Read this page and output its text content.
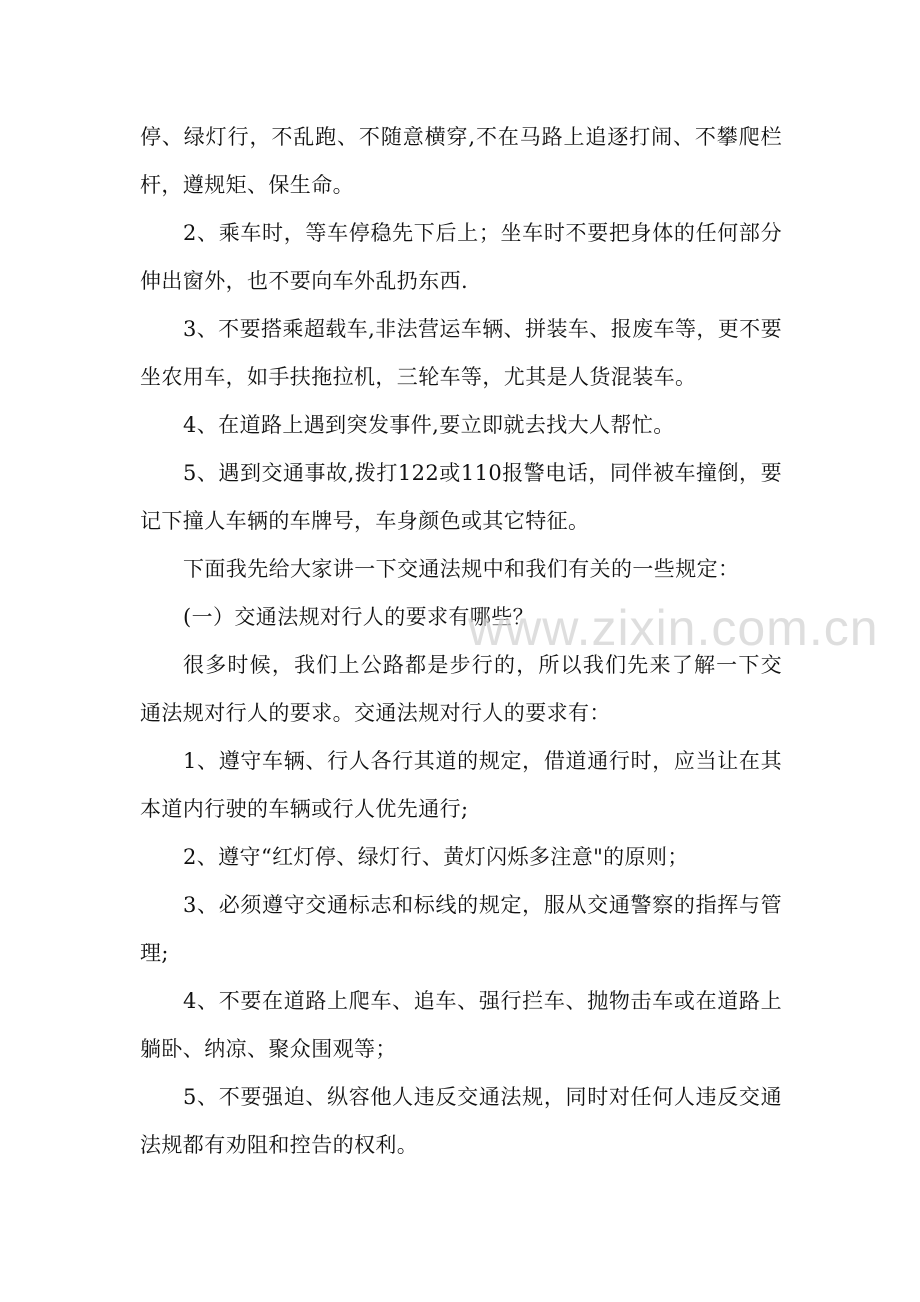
停、绿灯行，不乱跑、不随意横穿,不在马路上追逐打闹、不攀爬栏杆，遵规矩、保生命。

2、乘车时，等车停稳先下后上；坐车时不要把身体的任何部分伸出窗外，也不要向车外乱扔东西.

3、不要搭乘超载车,非法营运车辆、拼装车、报废车等，更不要坐农用车，如手扶拖拉机，三轮车等，尤其是人货混装车。

4、在道路上遇到突发事件,要立即就去找大人帮忙。

5、遇到交通事故,拨打122或110报警电话，同伴被车撞倒，要记下撞人车辆的车牌号，车身颜色或其它特征。

下面我先给大家讲一下交通法规中和我们有关的一些规定：

(一）交通法规对行人的要求有哪些？

很多时候，我们上公路都是步行的，所以我们先来了解一下交通法规对行人的要求。交通法规对行人的要求有：

1、遵守车辆、行人各行其道的规定，借道通行时，应当让在其本道内行驶的车辆或行人优先通行;

2、遵守“红灯停、绿灯行、黄灯闪烁多注意"的原则；

3、必须遵守交通标志和标线的规定，服从交通警察的指挥与管理;

4、不要在道路上爬车、追车、强行拦车、抛物击车或在道路上躺卧、纳凉、聚众围观等；

5、不要强迫、纵容他人违反交通法规，同时对任何人违反交通法规都有劝阻和控告的权利。

www.zixin.com.cn
